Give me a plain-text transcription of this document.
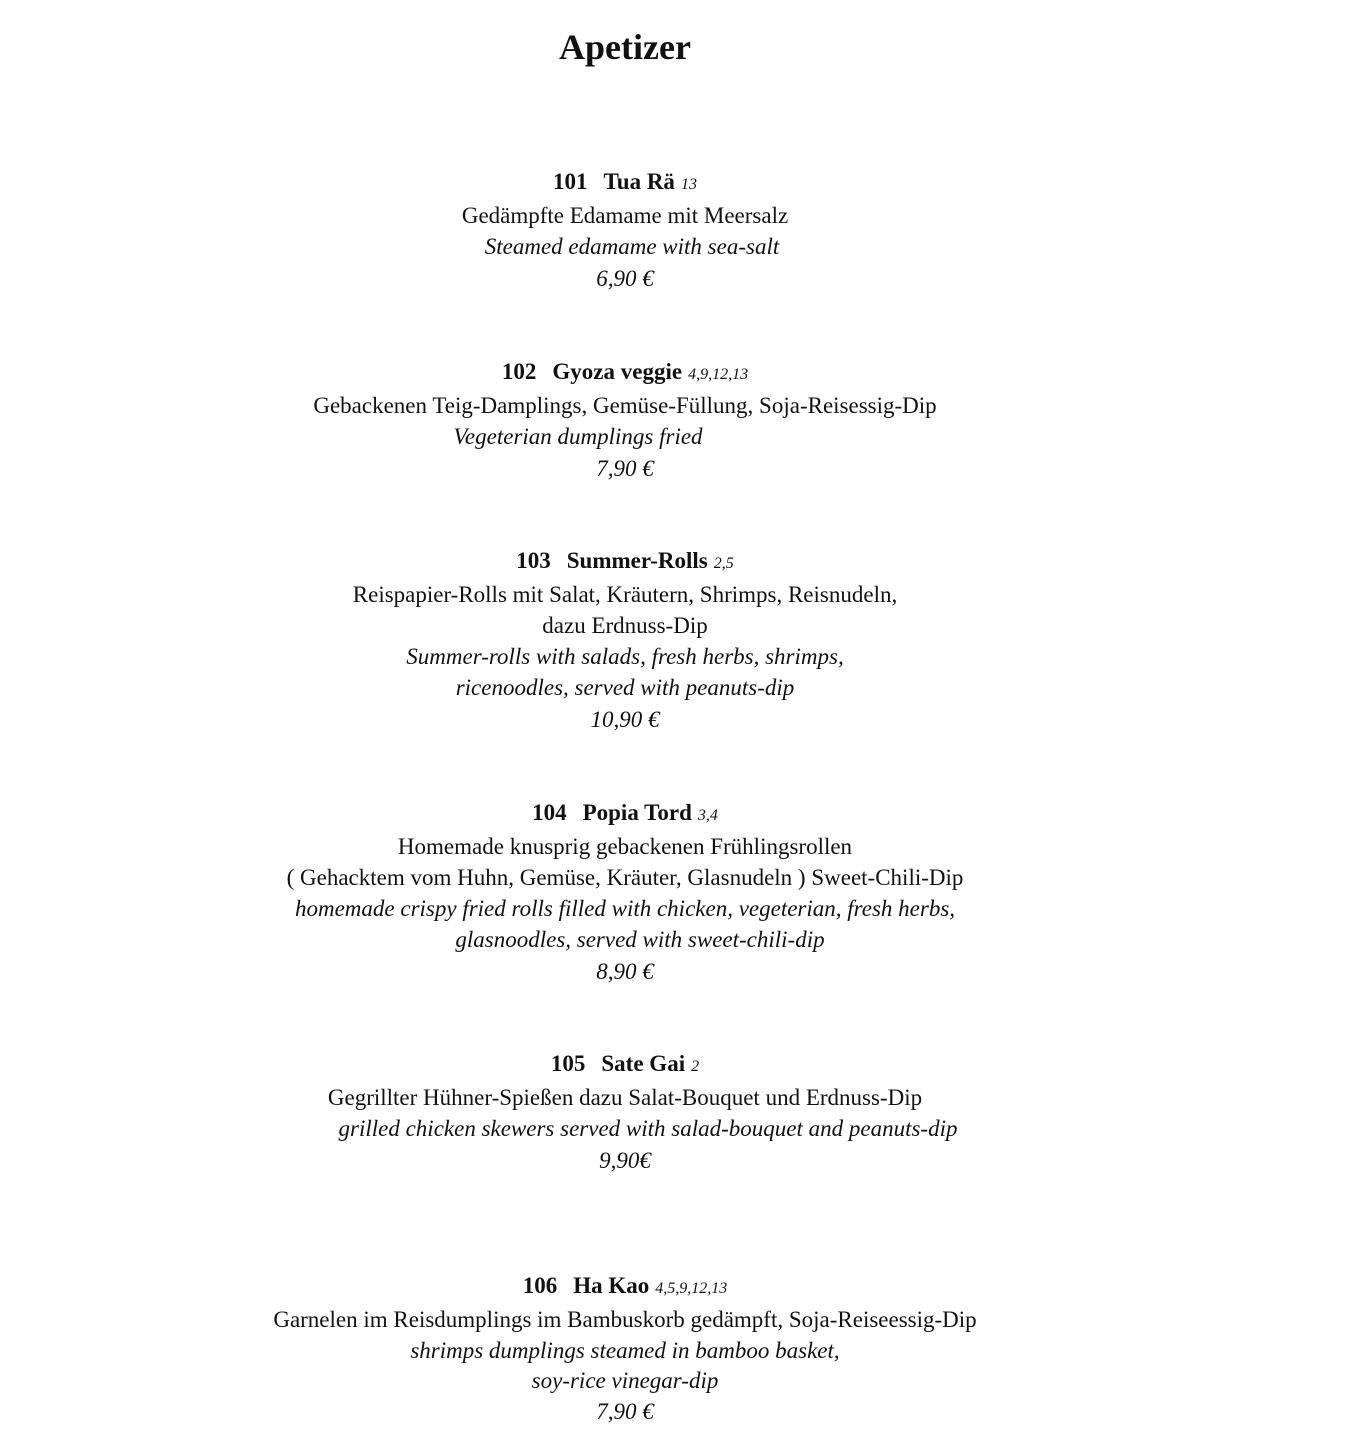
Apetizer
101 Tua Rä 13
Gedämpfte Edamame mit Meersalz
Steamed edamame with sea-salt
6,90 €
102 Gyoza veggie 4,9,12,13
Gebackenen Teig-Damplings, Gemüse-Füllung, Soja-Reisessig-Dip
Vegeterian dumplings fried
7,90 €
103 Summer-Rolls 2,5
Reispapier-Rolls mit Salat, Kräutern, Shrimps, Reisnudeln,
dazu Erdnuss-Dip
Summer-rolls with salads, fresh herbs, shrimps,
ricenoodles, served with peanuts-dip
10,90 €
104 Popia Tord 3,4
Homemade knusprig gebackenen Frühlingsrollen
( Gehacktem vom Huhn, Gemüse, Kräuter, Glasnudeln ) Sweet-Chili-Dip
homemade crispy fried rolls filled with chicken, vegeterian, fresh herbs,
glasnoodles, served with sweet-chili-dip
8,90 €
105 Sate Gai 2
Gegrillter Hühner-Spießen dazu Salat-Bouquet und Erdnuss-Dip
grilled chicken skewers served with salad-bouquet and peanuts-dip
9,90€
106 Ha Kao 4,5,9,12,13
Garnelen im Reisdumplings im Bambuskorb gedämpft, Soja-Reiseessig-Dip
shrimps dumplings steamed in bamboo basket,
soy-rice vinegar-dip
7,90 €
